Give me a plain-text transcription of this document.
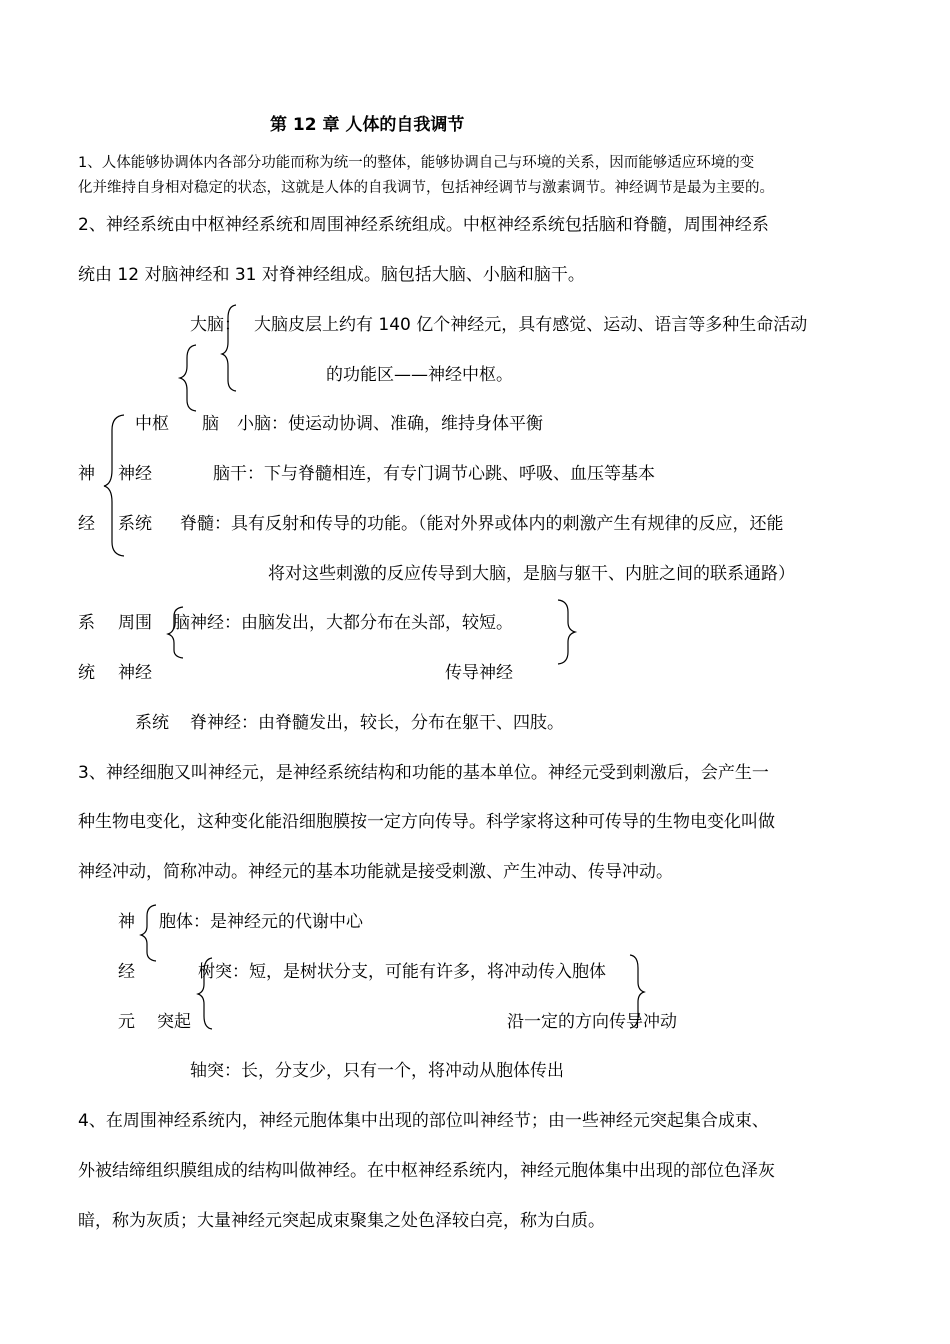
第 12 章 人体的自我调节
1、人体能够协调体内各部分功能而称为统一的整体，能够协调自己与环境的关系，因而能够适应环境的变
化并维持自身相对稳定的状态，这就是人体的自我调节，包括神经调节与激素调节。神经调节是最为主要的。
2、神经系统由中枢神经系统和周围神经系统组成。中枢神经系统包括脑和脊髓，周围神经系
统由 12 对脑神经和 31 对脊神经组成。脑包括大脑、小脑和脑干。
大脑： 大脑皮层上约有 140 亿个神经元，具有感觉、运动、语言等多种生命活动
的功能区——神经中枢。
中枢 脑 小脑：使运动协调、准确，维持身体平衡
神 神经	脑干：下与脊髓相连，有专门调节心跳、呼吸、血压等基本
经 系统 脊髓：具有反射和传导的功能。（能对外界或体内的刺激产生有规律的反应，还能
将对这些刺激的反应传导到大脑，是脑与躯干、内脏之间的联系通路）
系 周围 脑神经：由脑发出，大都分布在头部，较短。
统 神经	传导神经
系统 脊神经：由脊髓发出，较长，分布在躯干、四肢。
3、神经细胞又叫神经元，是神经系统结构和功能的基本单位。神经元受到刺激后，会产生一
种生物电变化，这种变化能沿细胞膜按一定方向传导。科学家将这种可传导的生物电变化叫做
神经冲动，简称冲动。神经元的基本功能就是接受刺激、产生冲动、传导冲动。
神 胞体：是神经元的代谢中心
经	树突：短，是树状分支，可能有许多，将冲动传入胞体
元 突起	沿一定的方向传导冲动
轴突：长，分支少，只有一个，将冲动从胞体传出
4、在周围神经系统内，神经元胞体集中出现的部位叫神经节；由一些神经元突起集合成束、
外被结缔组织膜组成的结构叫做神经。在中枢神经系统内，神经元胞体集中出现的部位色泽灰
暗，称为灰质；大量神经元突起成束聚集之处色泽较白亮，称为白质。
